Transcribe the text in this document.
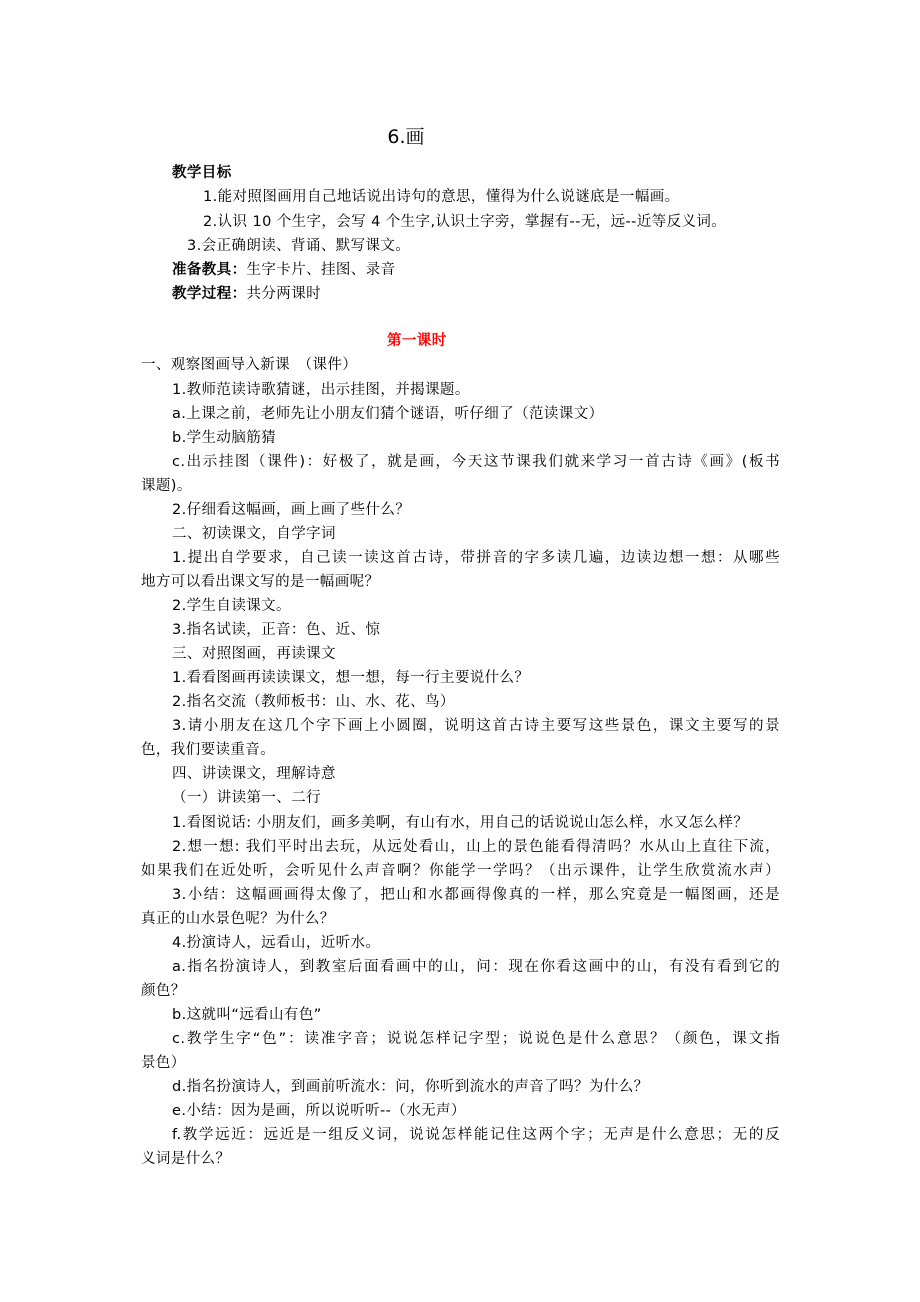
6.画
教学目标
1.能对照图画用自己地话说出诗句的意思，懂得为什么说谜底是一幅画。
2.认识 10 个生字，会写 4 个生字,认识土字旁，掌握有--无，远--近等反义词。
3.会正确朗读、背诵、默写课文。
准备教具：生字卡片、挂图、录音
教学过程：共分两课时
第一课时
一、观察图画导入新课　（课件）
1.教师范读诗歌猜谜，出示挂图，并揭课题。
a.上课之前，老师先让小朋友们猜个谜语，听仔细了（范读课文）
b.学生动脑筋猜
c.出示挂图（课件)：好极了，就是画，今天这节课我们就来学习一首古诗《画》(板书
课题)。
2.仔细看这幅画，画上画了些什么？
二、初读课文，自学字词
1.提出自学要求，自己读一读这首古诗，带拼音的字多读几遍，边读边想一想：从哪些
地方可以看出课文写的是一幅画呢？
2.学生自读课文。
3.指名试读，正音：色、近、惊
三、对照图画，再读课文
1.看看图画再读读课文，想一想，每一行主要说什么？
2.指名交流（教师板书：山、水、花、鸟）
3.请小朋友在这几个字下画上小圆圈，说明这首古诗主要写这些景色，课文主要写的景
色，我们要读重音。
四、讲读课文，理解诗意
（一）讲读第一、二行
1.看图说话: 小朋友们，画多美啊，有山有水，用自己的话说说山怎么样，水又怎么样？
2.想一想: 我们平时出去玩，从远处看山，山上的景色能看得清吗？水从山上直往下流，
如果我们在近处听，会听见什么声音啊？你能学一学吗？（出示课件，让学生欣赏流水声）
3.小结：这幅画画得太像了，把山和水都画得像真的一样，那么究竟是一幅图画，还是
真正的山水景色呢？为什么？
4.扮演诗人，远看山，近听水。
a.指名扮演诗人，到教室后面看画中的山，问：现在你看这画中的山，有没有看到它的
颜色？
b.这就叫“远看山有色”
c.教学生字“色”：读准字音；说说怎样记字型；说说色是什么意思？（颜色，课文指
景色）
d.指名扮演诗人，到画前听流水：问，你听到流水的声音了吗？为什么？
e.小结：因为是画，所以说听听--（水无声）
f.教学远近：远近是一组反义词，说说怎样能记住这两个字；无声是什么意思；无的反
义词是什么？
